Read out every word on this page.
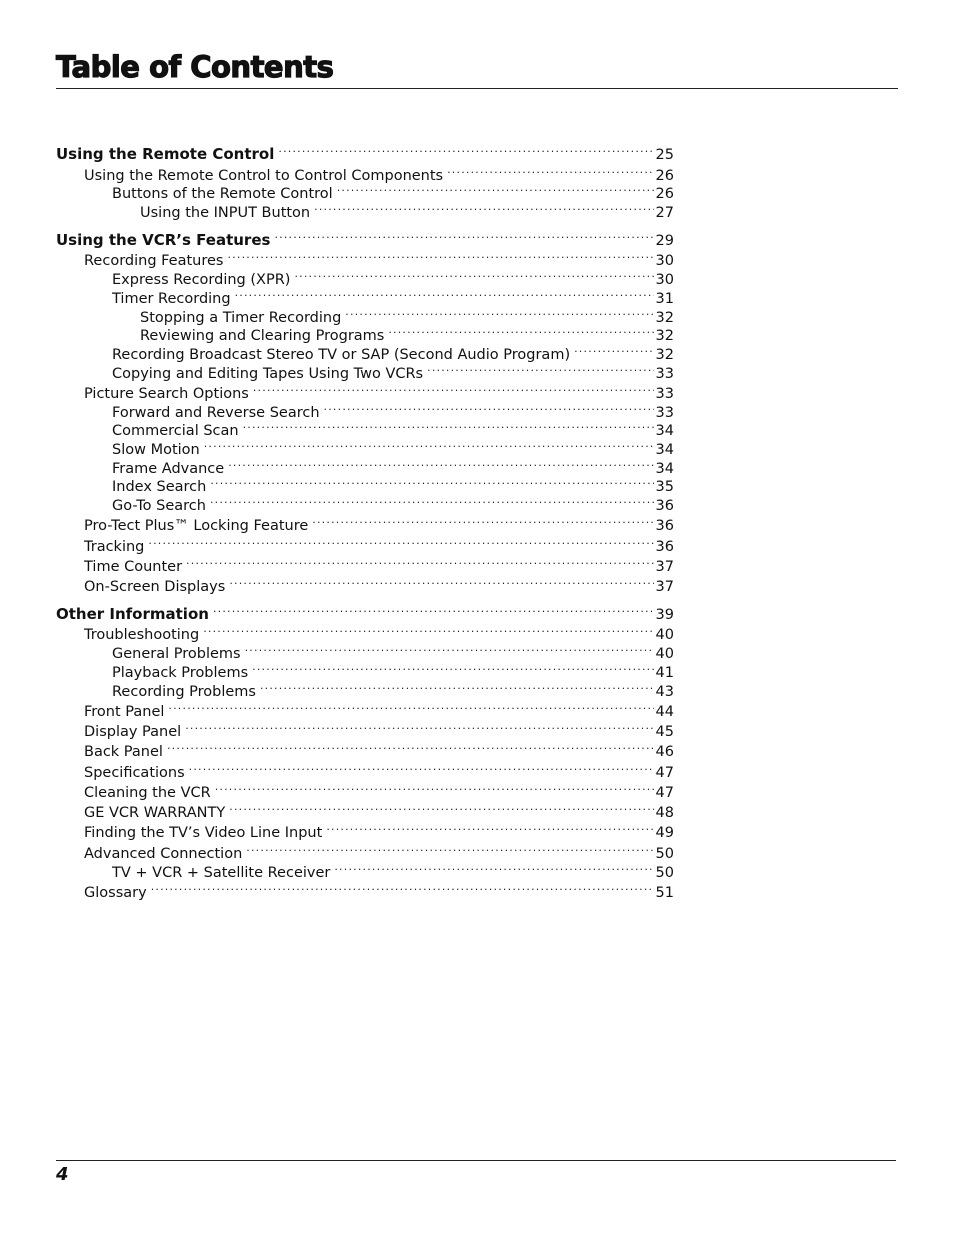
Table of Contents
Using the Remote Control .....	25
Using the Remote Control to Control Components .....	26
Buttons of the Remote Control .....	26
Using the INPUT Button .....	27
Using the VCR’s Features .....	29
Recording Features .....	30
Express Recording (XPR) .....	30
Timer Recording .....	31
Stopping a Timer Recording .....	32
Reviewing and Clearing Programs .....	32
Recording Broadcast Stereo TV or SAP (Second Audio Program) .....	32
Copying and Editing Tapes Using Two VCRs .....	33
Picture Search Options .....	33
Forward and Reverse Search .....	33
Commercial Scan .....	34
Slow Motion .....	34
Frame Advance .....	34
Index Search .....	35
Go-To Search .....	36
Pro-Tect Plus™ Locking Feature .....	36
Tracking .....	36
Time Counter .....	37
On-Screen Displays .....	37
Other Information .....	39
Troubleshooting .....	40
General Problems .....	40
Playback Problems .....	41
Recording Problems .....	43
Front Panel .....	44
Display Panel .....	45
Back Panel .....	46
Specifications .....	47
Cleaning the VCR .....	47
GE VCR WARRANTY .....	48
Finding the TV’s Video Line Input .....	49
Advanced Connection .....	50
TV + VCR + Satellite Receiver .....	50
Glossary .....	51
4
